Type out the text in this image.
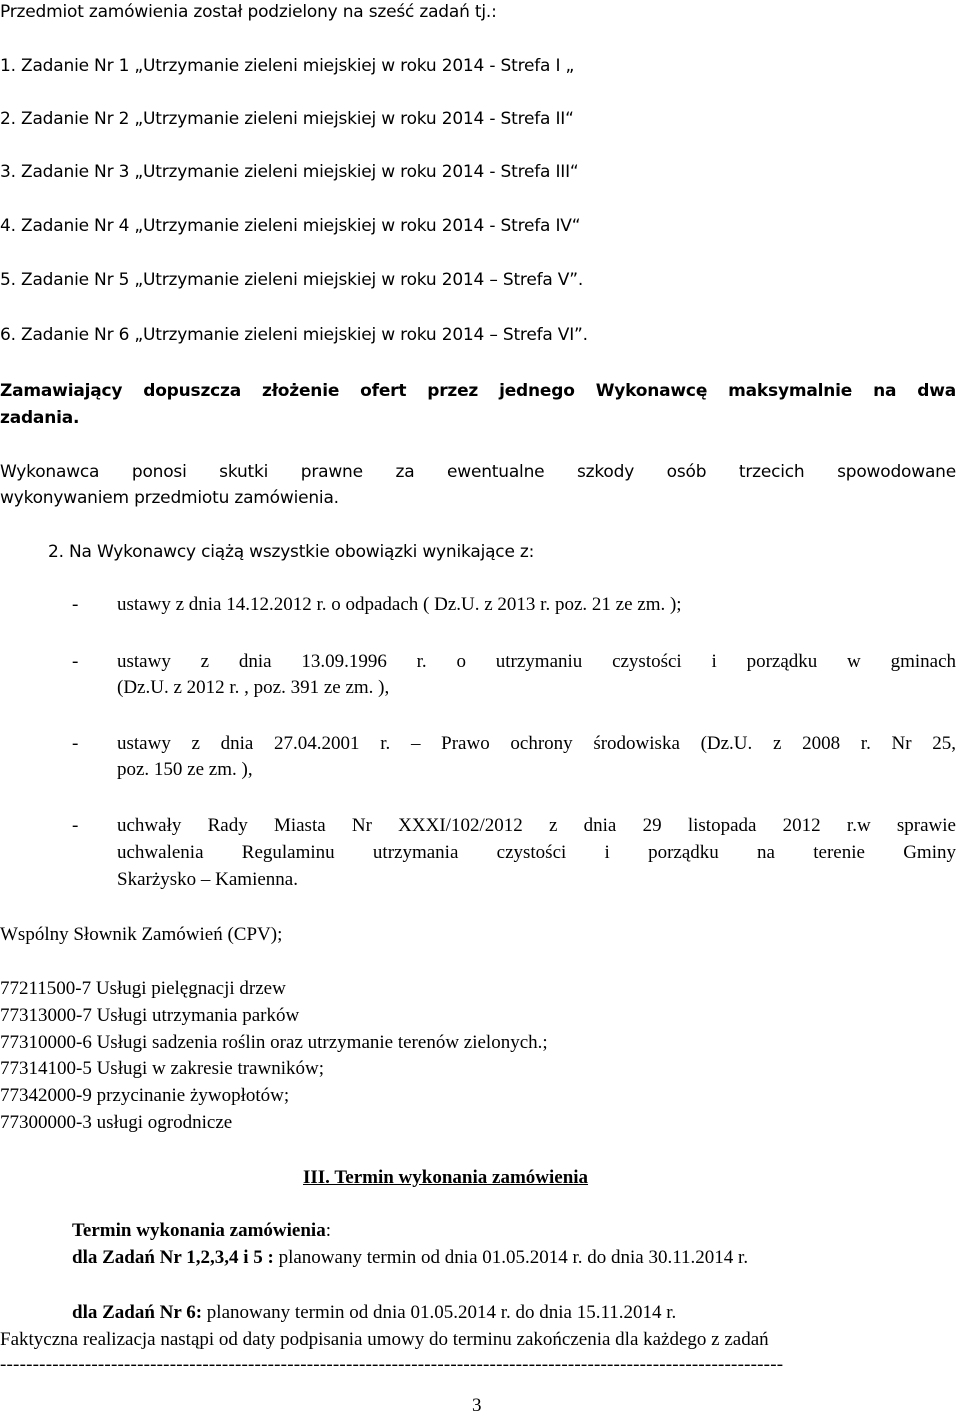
Przedmiot zamówienia został podzielony na sześć zadań tj.:
1. Zadanie Nr 1 „Utrzymanie zieleni miejskiej w roku 2014 - Strefa I „
2. Zadanie Nr 2 „Utrzymanie zieleni miejskiej w roku 2014 - Strefa II“
3. Zadanie Nr 3 „Utrzymanie zieleni miejskiej w roku 2014 - Strefa III“
4. Zadanie Nr 4 „Utrzymanie zieleni miejskiej w roku 2014 - Strefa IV“
5. Zadanie Nr 5 „Utrzymanie zieleni miejskiej w roku 2014 – Strefa V”.
6. Zadanie Nr 6 „Utrzymanie zieleni miejskiej w roku 2014 – Strefa VI”.
Zamawiający dopuszcza złożenie ofert przez jednego Wykonawcę maksymalnie na dwa
zadania.
Wykonawca ponosi skutki prawne za ewentualne szkody osób trzecich spowodowane
wykonywaniem przedmiotu zamówienia.
2. Na Wykonawcy ciążą wszystkie obowiązki wynikające z:
- ustawy z dnia 14.12.2012 r. o odpadach ( Dz.U. z 2013 r. poz. 21 ze zm. );
- ustawy z dnia 13.09.1996 r. o utrzymaniu czystości i porządku w gminach
(Dz.U. z 2012 r. , poz. 391 ze zm. ),
- ustawy z dnia 27.04.2001 r. – Prawo ochrony środowiska (Dz.U. z 2008 r. Nr 25,
poz. 150 ze zm. ),
- uchwały Rady Miasta Nr XXXI/102/2012 z dnia 29 listopada 2012 r.w sprawie
uchwalenia Regulaminu utrzymania czystości i porządku na terenie Gminy
Skarżysko – Kamienna.
Wspólny Słownik Zamówień (CPV);
77211500-7 Usługi pielęgnacji drzew
77313000-7 Usługi utrzymania parków
77310000-6 Usługi sadzenia roślin oraz utrzymanie terenów zielonych.;
77314100-5 Usługi w zakresie trawników;
77342000-9 przycinanie żywopłotów;
77300000-3 usługi ogrodnicze
III. Termin wykonania zamówienia
Termin wykonania zamówienia:
dla Zadań Nr 1,2,3,4 i 5 : planowany termin od dnia 01.05.2014 r. do dnia 30.11.2014 r.
dla Zadań Nr 6: planowany termin od dnia 01.05.2014 r. do dnia 15.11.2014 r.
Faktyczna realizacja nastąpi od daty podpisania umowy do terminu zakończenia dla każdego z zadań
------------------------------------------------------------------------------------------------------------------------
3
